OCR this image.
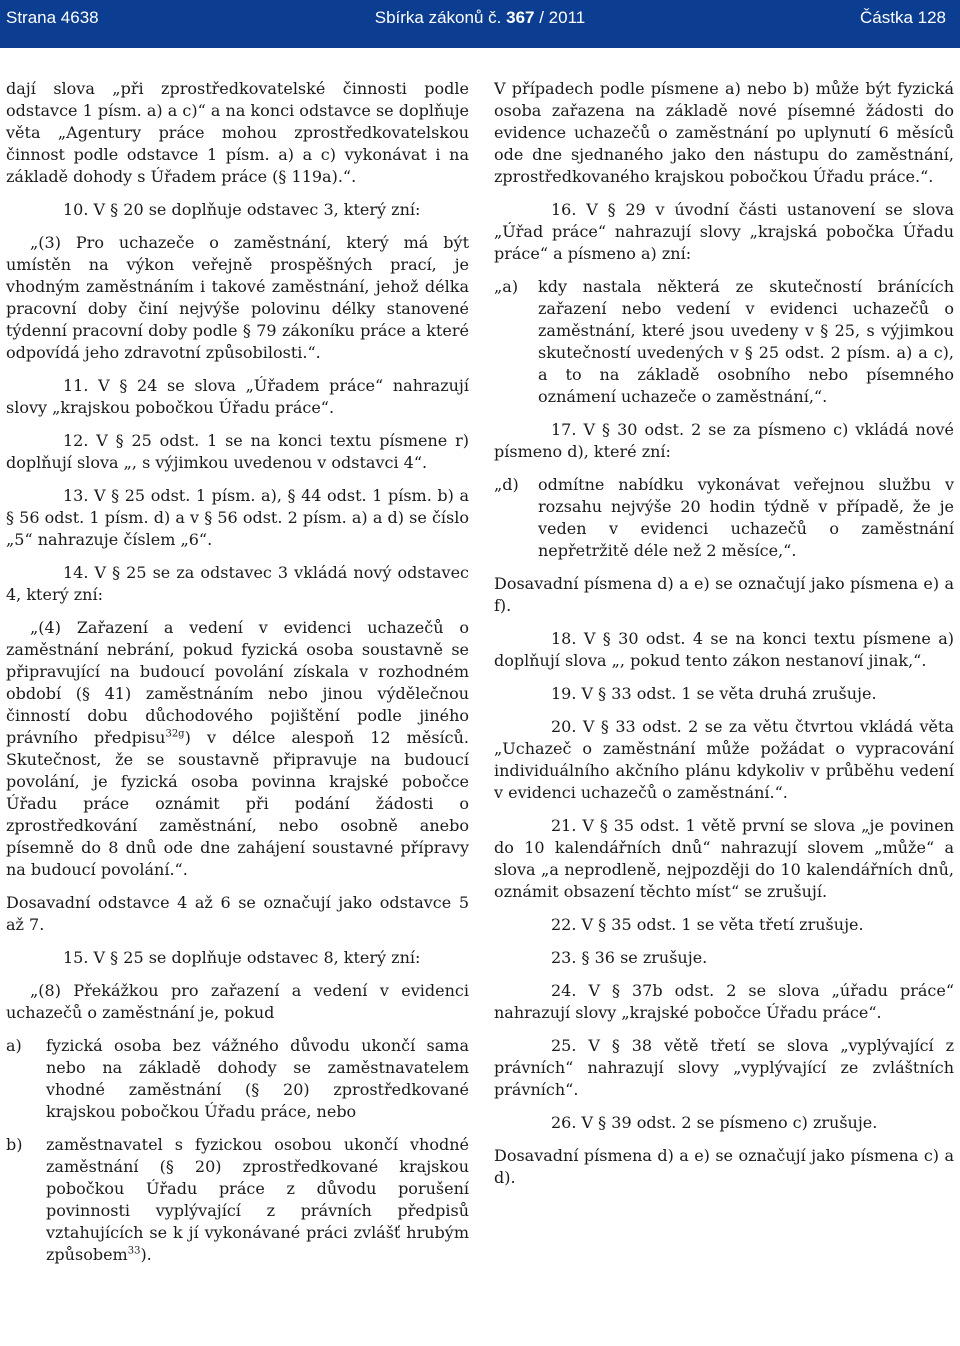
Strana 4638	Sbírka zákonů č. 367 / 2011	Částka 128

dají slova „při zprostředkovatelské činnosti podle odstavce 1 písm. a) a c)“ a na konci odstavce se doplňuje věta „Agentury práce mohou zprostředkovatelskou činnost podle odstavce 1 písm. a) a c) vykonávat i na základě dohody s Úřadem práce (§ 119a).“.

10. V § 20 se doplňuje odstavec 3, který zní:

„(3) Pro uchazeče o zaměstnání, který má být umístěn na výkon veřejně prospěšných prací, je vhodným zaměstnáním i takové zaměstnání, jehož délka pracovní doby činí nejvýše polovinu délky stanovené týdenní pracovní doby podle § 79 zákoníku práce a které odpovídá jeho zdravotní způsobilosti.“.

11. V § 24 se slova „Úřadem práce“ nahrazují slovy „krajskou pobočkou Úřadu práce“.

12. V § 25 odst. 1 se na konci textu písmene r) doplňují slova „, s výjimkou uvedenou v odstavci 4“.

13. V § 25 odst. 1 písm. a), § 44 odst. 1 písm. b) a § 56 odst. 1 písm. d) a v § 56 odst. 2 písm. a) a d) se číslo „5“ nahrazuje číslem „6“.

14. V § 25 se za odstavec 3 vkládá nový odstavec 4, který zní:

„(4) Zařazení a vedení v evidenci uchazečů o zaměstnání nebrání, pokud fyzická osoba soustavně se připravující na budoucí povolání získala v rozhodném období (§ 41) zaměstnáním nebo jinou výdělečnou činností dobu důchodového pojištění podle jiného právního předpisu$^{32g}$) v délce alespoň 12 měsíců. Skutečnost, že se soustavně připravuje na budoucí povolání, je fyzická osoba povinna krajské pobočce Úřadu práce oznámit při podání žádosti o zprostředkování zaměstnání, nebo osobně anebo písemně do 8 dnů ode dne zahájení soustavné přípravy na budoucí povolání.“.

Dosavadní odstavce 4 až 6 se označují jako odstavce 5 až 7.

15. V § 25 se doplňuje odstavec 8, který zní:

„(8) Překážkou pro zařazení a vedení v evidenci uchazečů o zaměstnání je, pokud

a)	fyzická osoba bez vážného důvodu ukončí sama nebo na základě dohody se zaměstnavatelem vhodné zaměstnání (§ 20) zprostředkované krajskou pobočkou Úřadu práce, nebo
b)	zaměstnavatel s fyzickou osobou ukončí vhodné zaměstnání (§ 20) zprostředkované krajskou pobočkou Úřadu práce z důvodu porušení povinnosti vyplývající z právních předpisů vztahujících se k jí vykonávané práci zvlášť hrubým způsobem$^{33}$).

V případech podle písmene a) nebo b) může být fyzická osoba zařazena na základě nové písemné žádosti do evidence uchazečů o zaměstnání po uplynutí 6 měsíců ode dne sjednaného jako den nástupu do zaměstnání, zprostředkovaného krajskou pobočkou Úřadu práce.“.

16. V § 29 v úvodní části ustanovení se slova „Úřad práce“ nahrazují slovy „krajská pobočka Úřadu práce“ a písmeno a) zní:

„a)	kdy nastala některá ze skutečností bránících zařazení nebo vedení v evidenci uchazečů o zaměstnání, které jsou uvedeny v § 25, s výjimkou skutečností uvedených v § 25 odst. 2 písm. a) a c), a to na základě osobního nebo písemného oznámení uchazeče o zaměstnání,“.

17. V § 30 odst. 2 se za písmeno c) vkládá nové písmeno d), které zní:

„d)	odmítne nabídku vykonávat veřejnou službu v rozsahu nejvýše 20 hodin týdně v případě, že je veden v evidenci uchazečů o zaměstnání nepřetržitě déle než 2 měsíce,“.

Dosavadní písmena d) a e) se označují jako písmena e) a f).

18. V § 30 odst. 4 se na konci textu písmene a) doplňují slova „, pokud tento zákon nestanoví jinak,“.

19. V § 33 odst. 1 se věta druhá zrušuje.

20. V § 33 odst. 2 se za větu čtvrtou vkládá věta „Uchazeč o zaměstnání může požádat o vypracování individuálního akčního plánu kdykoliv v průběhu vedení v evidenci uchazečů o zaměstnání.“.

21. V § 35 odst. 1 větě první se slova „je povinen do 10 kalendářních dnů“ nahrazují slovem „může“ a slova „a neprodleně, nejpozději do 10 kalendářních dnů, oznámit obsazení těchto míst“ se zrušují.

22. V § 35 odst. 1 se věta třetí zrušuje.

23. § 36 se zrušuje.

24. V § 37b odst. 2 se slova „úřadu práce“ nahrazují slovy „krajské pobočce Úřadu práce“.

25. V § 38 větě třetí se slova „vyplývající z právních“ nahrazují slovy „vyplývající ze zvláštních právních“.

26. V § 39 odst. 2 se písmeno c) zrušuje.

Dosavadní písmena d) a e) se označují jako písmena c) a d).
